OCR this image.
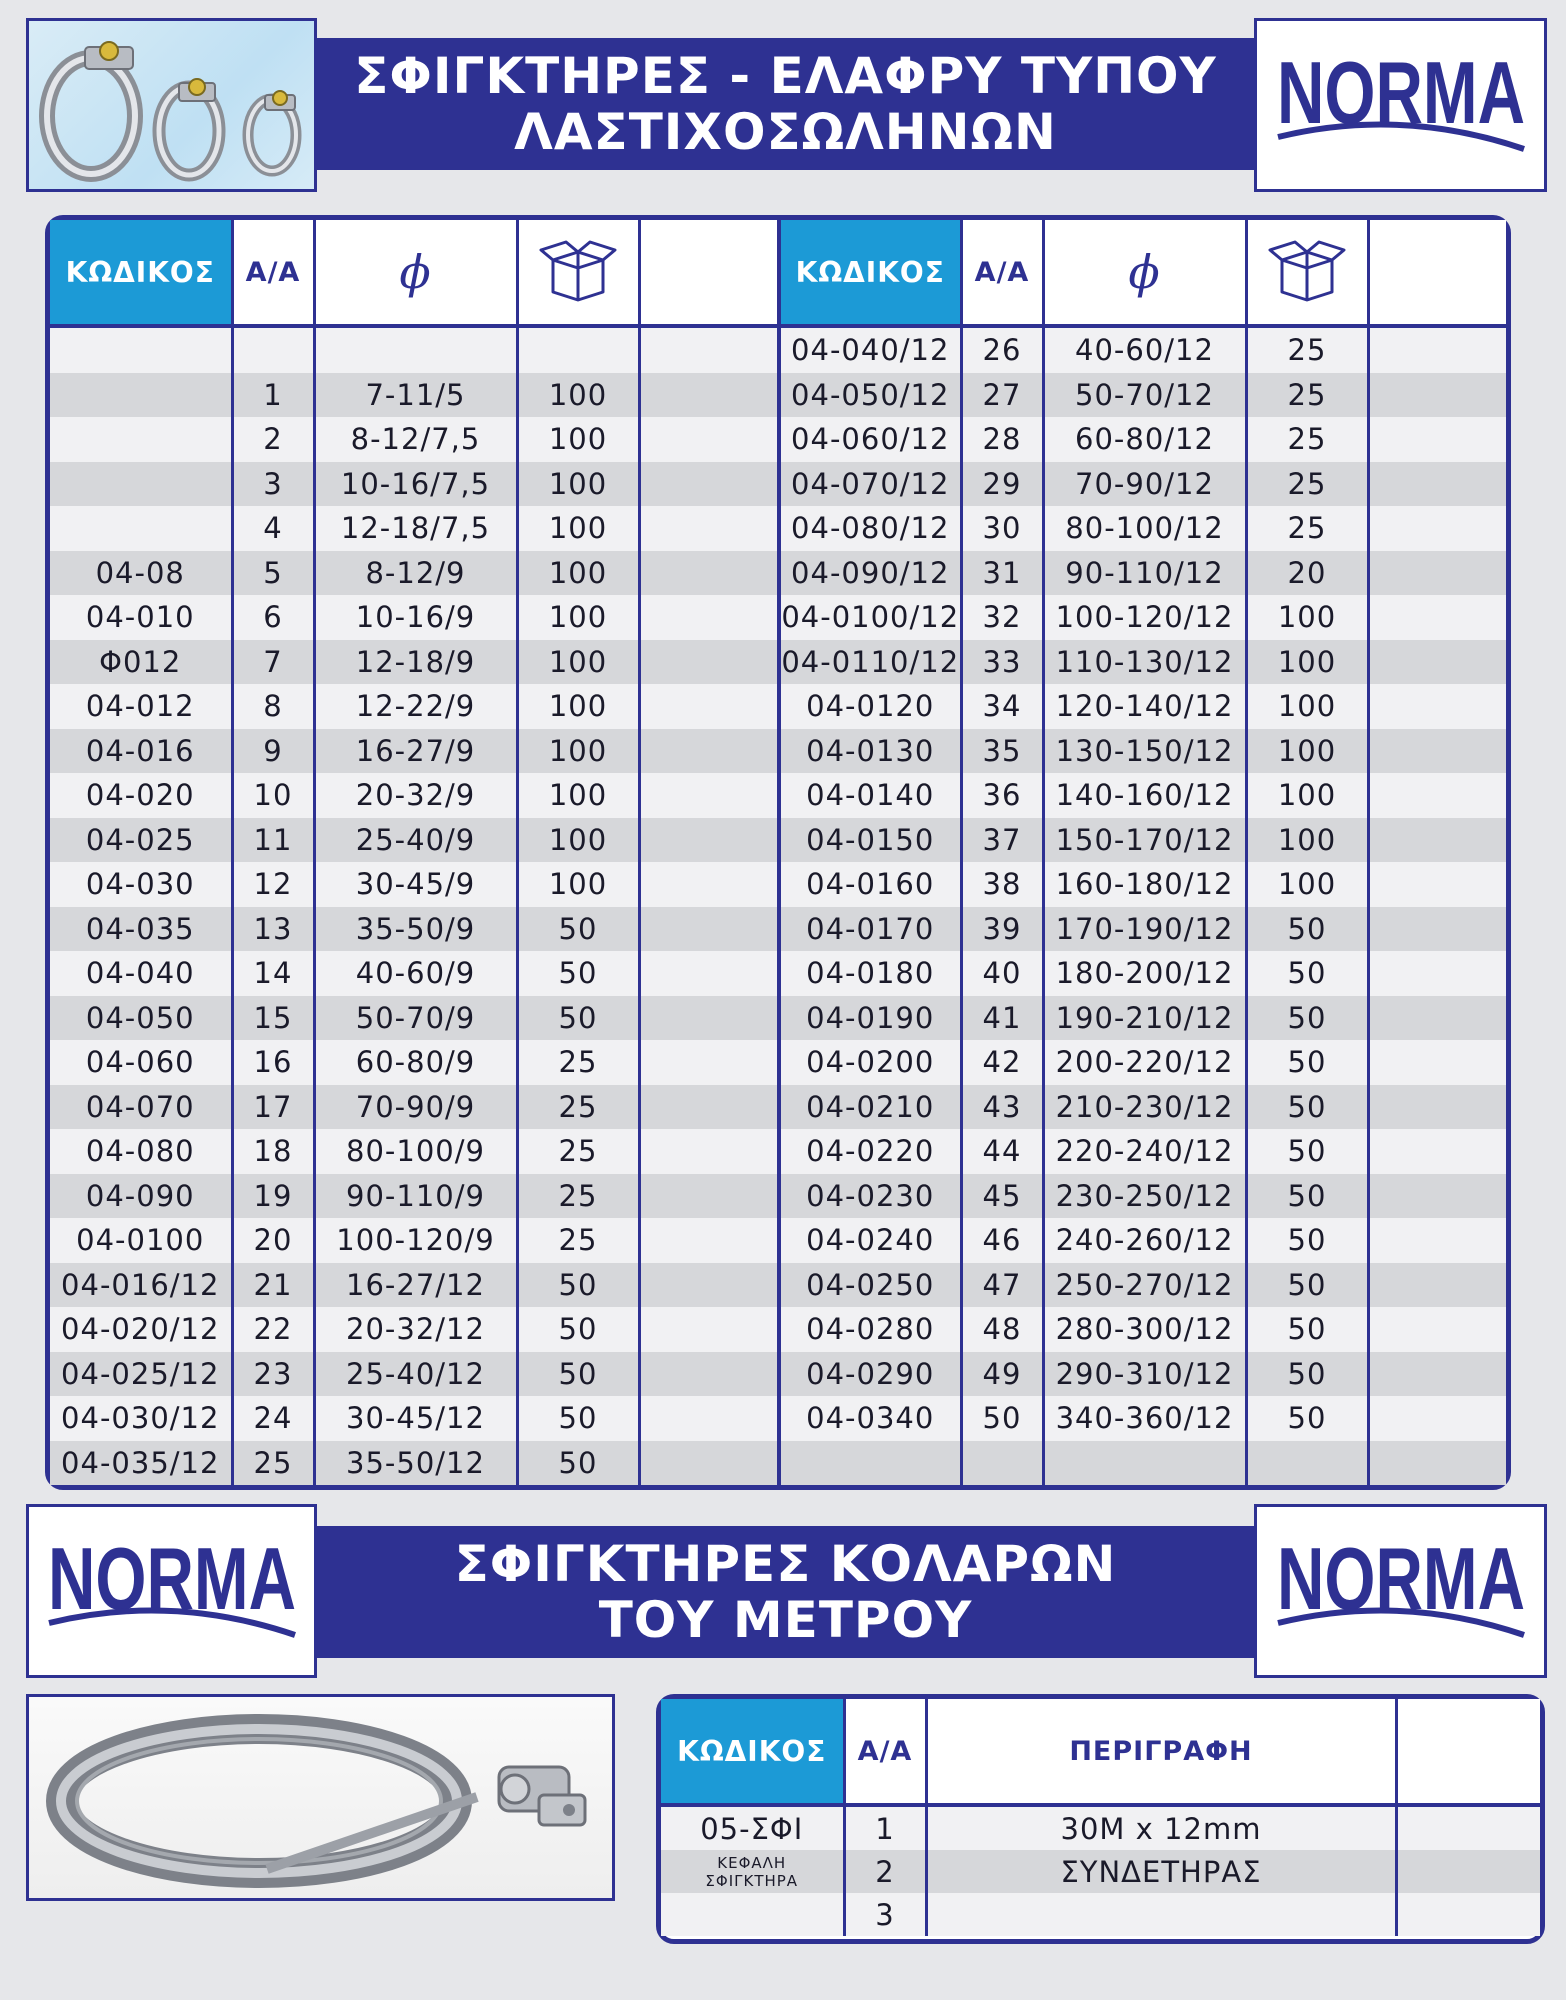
ΣΦΙΓΚΤΗΡΕΣ - ΕΛΑΦΡΥ ΤΥΠΟΥ
ΛΑΣΤΙΧΟΣΩΛΗΝΩΝ NORMA
ΚΩΔΙΚΟΣ	Α/Α	ϕ			ΚΩΔΙΚΟΣ	Α/Α	ϕ		
					04-040/12	26	40-60/12	25	
	1	7-11/5	100		04-050/12	27	50-70/12	25	
	2	8-12/7,5	100		04-060/12	28	60-80/12	25	
	3	10-16/7,5	100		04-070/12	29	70-90/12	25	
	4	12-18/7,5	100		04-080/12	30	80-100/12	25	
04-08	5	8-12/9	100		04-090/12	31	90-110/12	20	
04-010	6	10-16/9	100		04-0100/12	32	100-120/12	100	
Φ012	7	12-18/9	100		04-0110/12	33	110-130/12	100	
04-012	8	12-22/9	100		04-0120	34	120-140/12	100	
04-016	9	16-27/9	100		04-0130	35	130-150/12	100	
04-020	10	20-32/9	100		04-0140	36	140-160/12	100	
04-025	11	25-40/9	100		04-0150	37	150-170/12	100	
04-030	12	30-45/9	100		04-0160	38	160-180/12	100	
04-035	13	35-50/9	50		04-0170	39	170-190/12	50	
04-040	14	40-60/9	50		04-0180	40	180-200/12	50	
04-050	15	50-70/9	50		04-0190	41	190-210/12	50	
04-060	16	60-80/9	25		04-0200	42	200-220/12	50	
04-070	17	70-90/9	25		04-0210	43	210-230/12	50	
04-080	18	80-100/9	25		04-0220	44	220-240/12	50	
04-090	19	90-110/9	25		04-0230	45	230-250/12	50	
04-0100	20	100-120/9	25		04-0240	46	240-260/12	50	
04-016/12	21	16-27/12	50		04-0250	47	250-270/12	50	
04-020/12	22	20-32/12	50		04-0280	48	280-300/12	50	
04-025/12	23	25-40/12	50		04-0290	49	290-310/12	50	
04-030/12	24	30-45/12	50		04-0340	50	340-360/12	50	
04-035/12	25	35-50/12	50						
NORMA	ΣΦΙΓΚΤΗΡΕΣ ΚΟΛΑΡΩΝ
ΤΟΥ ΜΕΤΡΟΥ	NORMA
ΚΩΔΙΚΟΣ	Α/Α	ΠΕΡΙΓΡΑΦΗ	
05-ΣΦΙ	1	30Μ x 12mm	

ΚΕΦΑΛΗ
ΣΦΙΓΚΤΗΡΑ	2	ΣΥΝΔΕΤΗΡΑΣ	
	3		
